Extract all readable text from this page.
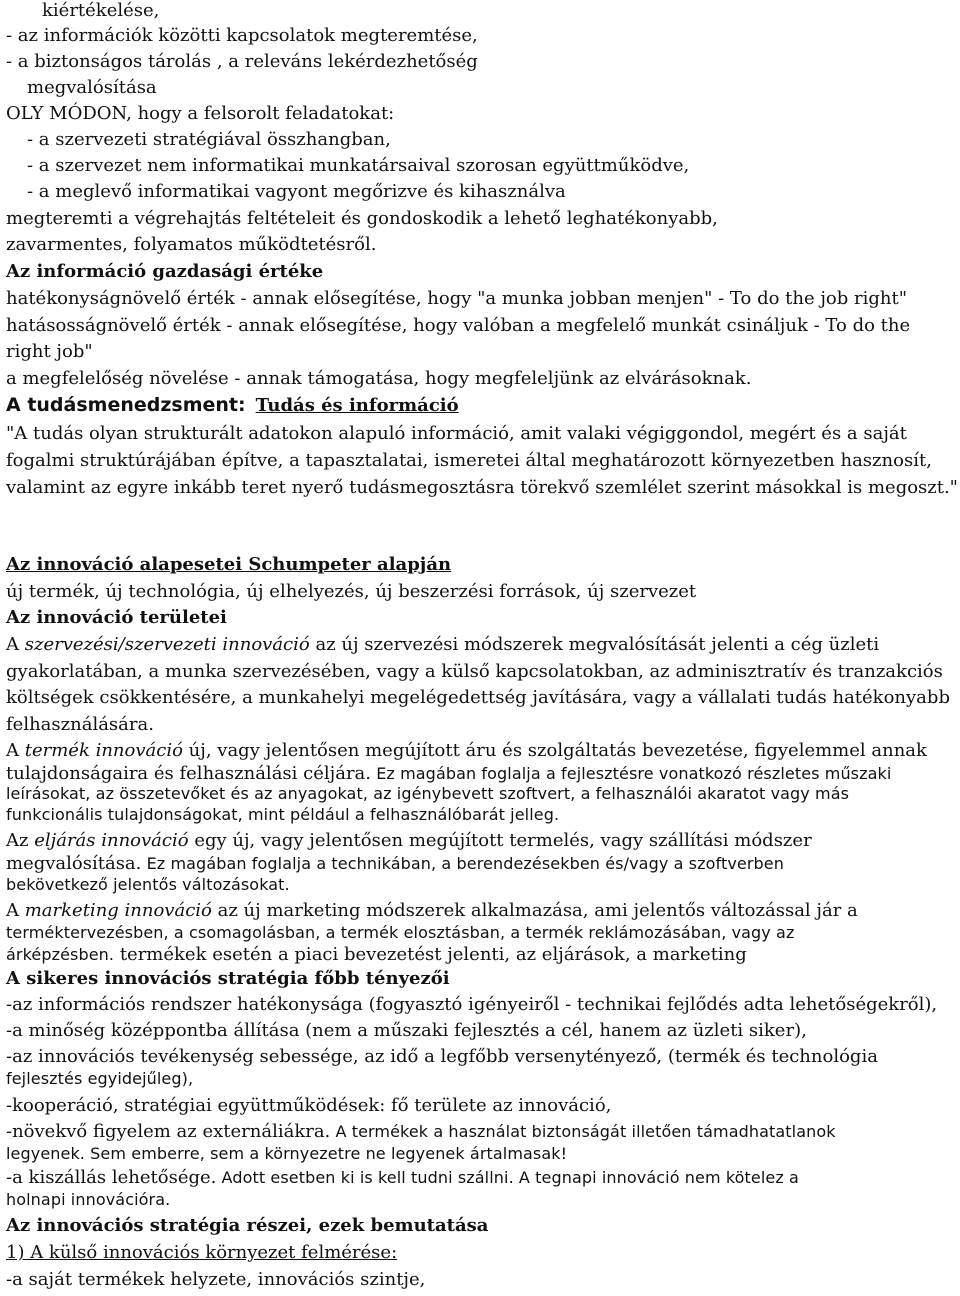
kiértékelése,
- az információk közötti kapcsolatok megteremtése,
- a biztonságos tárolás , a releváns lekérdezhetőség
megvalósítása
OLY MÓDON, hogy a felsorolt feladatokat:
- a szervezeti stratégiával összhangban,
- a szervezet nem informatikai munkatársaival szorosan együttműködve,
- a meglevő informatikai vagyont megőrizve és kihasználva
megteremti a végrehajtás feltételeit és gondoskodik a lehető leghatékonyabb,
zavarmentes, folyamatos működtetésről.
Az információ gazdasági értéke
hatékonyságnövelő érték - annak elősegítése, hogy "a munka jobban menjen" - To do the job right"
hatásosságnövelő érték - annak elősegítése, hogy valóban a megfelelő munkát csináljuk - To do the
right job"
a megfelelőség növelése - annak támogatása, hogy megfeleljünk az elvárásoknak.
A tudásmenedzsment: Tudás és információ
"A tudás olyan strukturált adatokon alapuló információ, amit valaki végiggondol, megért és a saját
fogalmi struktúrájában építve, a tapasztalatai, ismeretei által meghatározott környezetben hasznosít,
valamint az egyre inkább teret nyerő tudásmegosztásra törekvő szemlélet szerint másokkal is megoszt."
Az innováció alapesetei Schumpeter alapján
új termék, új technológia, új elhelyezés, új beszerzési források, új szervezet
Az innováció területei
A szervezési/szervezeti innováció az új szervezési módszerek megvalósítását jelenti a cég üzleti
gyakorlatában, a munka szervezésében, vagy a külső kapcsolatokban, az adminisztratív és tranzakciós
költségek csökkentésére, a munkahelyi megelégedettség javítására, vagy a vállalati tudás hatékonyabb
felhasználására.
A termék innováció új, vagy jelentősen megújított áru és szolgáltatás bevezetése, figyelemmel annak
tulajdonságaira és felhasználási céljára. Ez magában foglalja a fejlesztésre vonatkozó részletes műszaki
leírásokat, az összetevőket és az anyagokat, az igénybevett szoftvert, a felhasználói akaratot vagy más
funkcionális tulajdonságokat, mint például a felhasználóbarát jelleg.
Az eljárás innováció egy új, vagy jelentősen megújított termelés, vagy szállítási módszer
megvalósítása. Ez magában foglalja a technikában, a berendezésekben és/vagy a szoftverben
bekövetkező jelentős változásokat.
A marketing innováció az új marketing módszerek alkalmazása, ami jelentős változással jár a
terméktervezésben, a csomagolásban, a termék elosztásban, a termék reklámozásában, vagy az
árképzésben. termékek esetén a piaci bevezetést jelenti, az eljárások, a marketing
A sikeres innovációs stratégia főbb tényezői
-az információs rendszer hatékonysága (fogyasztó igényeiről - technikai fejlődés adta lehetőségekről),
-a minőség középpontba állítása (nem a műszaki fejlesztés a cél, hanem az üzleti siker),
-az innovációs tevékenység sebessége, az idő a legfőbb versenytényező, (termék és technológia
fejlesztés egyidejűleg),
-kooperáció, stratégiai együttműködések: fő területe az innováció,
-növekvő figyelem az externáliákra. A termékek a használat biztonságát illetően támadhatatlanok
legyenek. Sem emberre, sem a környezetre ne legyenek ártalmasak!
-a kiszállás lehetősége. Adott esetben ki is kell tudni szállni. A tegnapi innováció nem kötelez a
holnapi innovációra.
Az innovációs stratégia részei, ezek bemutatása
1) A külső innovációs környezet felmérése:
-a saját termékek helyzete, innovációs szintje,
